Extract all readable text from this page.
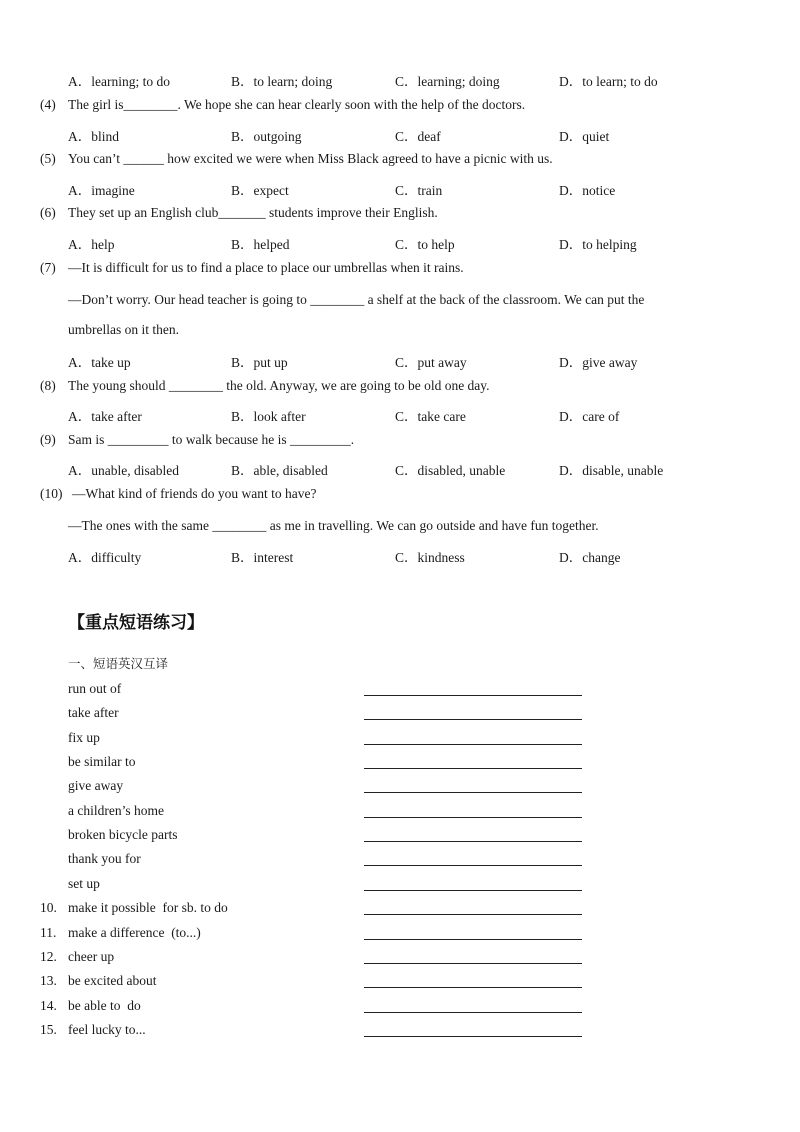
A．learning; to do	B．to learn; doing	C．learning; doing	D．to learn; to do
(4) The girl is________. We hope she can hear clearly soon with the help of the doctors.
A．blind	B．outgoing	C．deaf	D．quiet
(5) You can’t ______ how excited we were when Miss Black agreed to have a picnic with us.
A．imagine	B．expect	C．train	D．notice
(6) They set up an English club_______ students improve their English.
A．help	B．helped	C．to help	D．to helping
(7) —It is difficult for us to find a place to place our umbrellas when it rains.
—Don’t worry. Our head teacher is going to ________ a shelf at the back of the classroom. We can put the
umbrellas on it then.
A．take up	B．put up	C．put away	D．give away
(8) The young should ________ the old. Anyway, we are going to be old one day.
A．take after	B．look after	C．take care	D．care of
(9) Sam is _________ to walk because he is _________.
A．unable, disabled	B．able, disabled	C．disabled, unable	D．disable, unable
(10) —What kind of friends do you want to have?
—The ones with the same ________ as me in travelling. We can go outside and have fun together.
A．difficulty	B．interest	C．kindness	D．change
【重点短语练习】
一、短语英汉互译
run out of
take after
fix up
be similar to
give away
a children’s home
broken bicycle parts
thank you for
set up
10. make it possible  for sb. to do
11. make a difference  (to...)
12. cheer up
13. be excited about
14. be able to  do
15. feel lucky to...
